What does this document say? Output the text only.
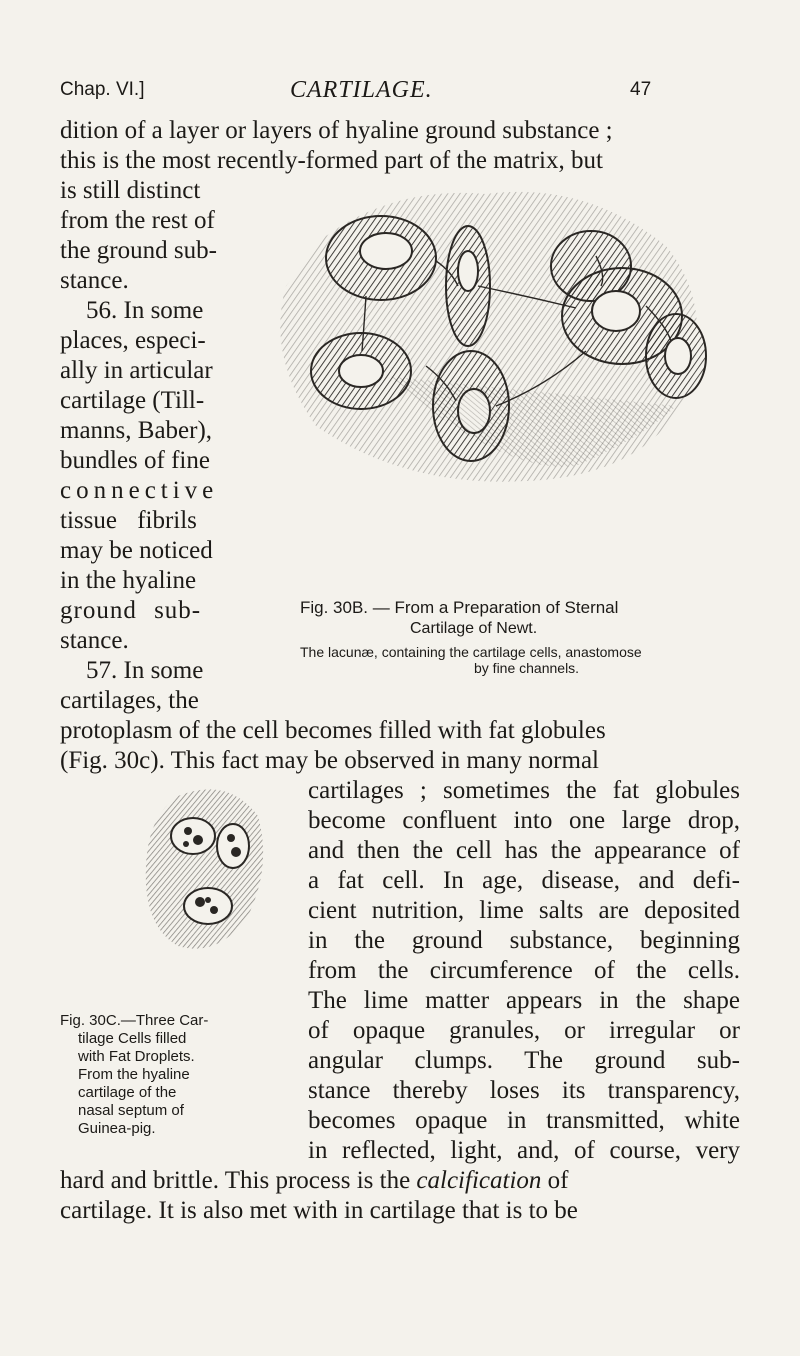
Chap. VI.]	CARTILAGE.	47
dition of a layer or layers of hyaline ground substance ;
this is the most recently-formed part of the matrix, but
is still distinct
from the rest of
the ground sub-
stance.
56. In some
places, especi-
ally in articular
cartilage (Till-
manns, Baber),
bundles of fine
connective
tissue fibrils
may be noticed
in the hyaline
ground sub-
stance.
57. In some
cartilages, the
Fig. 30B. — From a Preparation of Sternal
Cartilage of Newt.
The lacunæ, containing the cartilage cells, anastomose
by fine channels.
protoplasm of the cell becomes filled with fat globules
(Fig. 30c). This fact may be observed in many normal
cartilages ; sometimes the fat globules
become confluent into one large drop,
and then the cell has the appearance of
a fat cell. In age, disease, and defi-
cient nutrition, lime salts are deposited
in the ground substance, beginning
from the circumference of the cells.
The lime matter appears in the shape
of opaque granules, or irregular or
angular clumps. The ground sub-
stance thereby loses its transparency,
becomes opaque in transmitted, white
in reflected, light, and, of course, very
Fig. 30C.—Three Car-
tilage Cells filled
with Fat Droplets.
From the hyaline
cartilage of the
nasal septum of
Guinea-pig.
hard and brittle. This process is the calcification of
cartilage. It is also met with in cartilage that is to be
